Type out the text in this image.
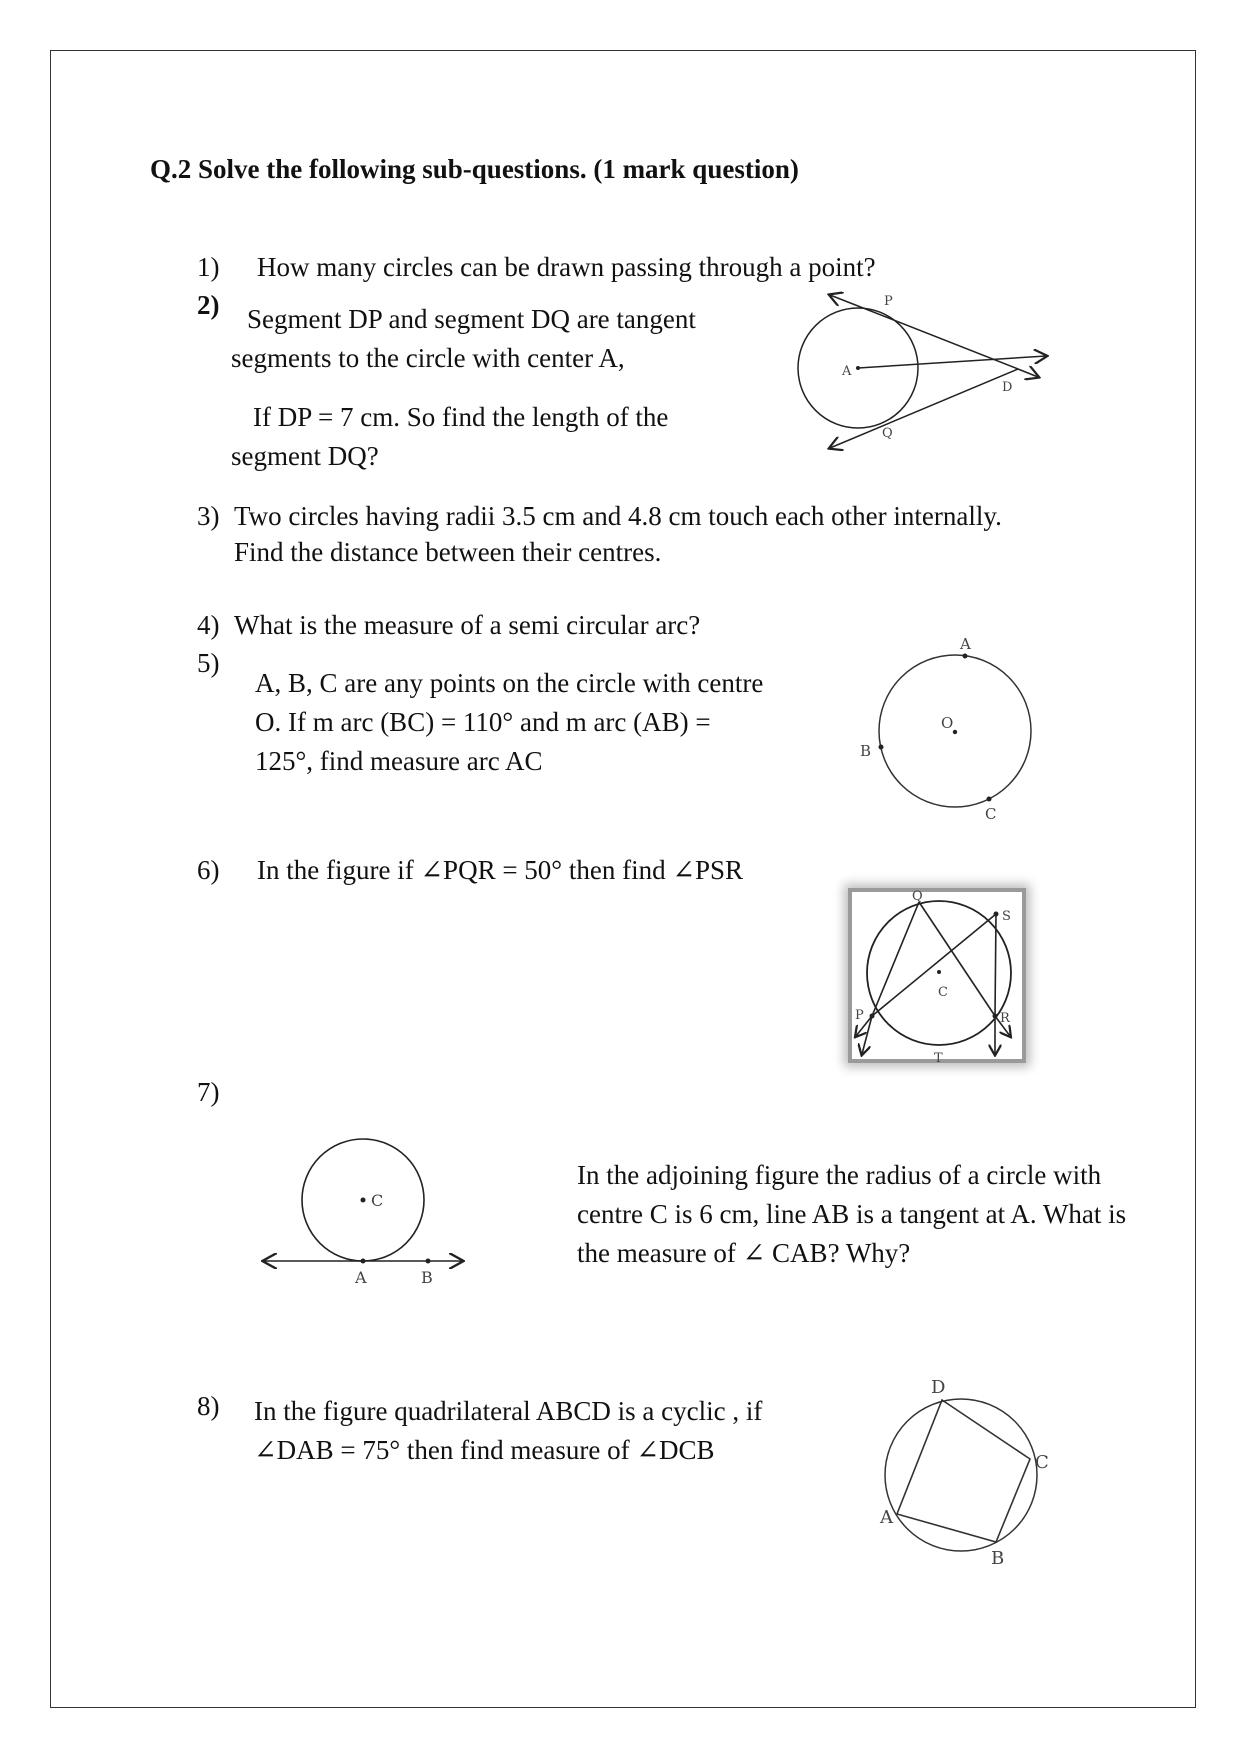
Q.2 Solve the following sub-questions. (1 mark question)
1) How many circles can be drawn passing through a point?
2) Segment DP and segment DQ are tangent
segments to the circle with center A,
If DP = 7 cm. So find the length of the
segment DQ?
P
A
D
Q
3) Two circles having radii 3.5 cm and 4.8 cm touch each other internally.
Find the distance between their centres.
4) What is the measure of a semi circular arc?
5)
A, B, C are any points on the circle with centre
O. If m arc (BC) = 110° and m arc (AB) =
125°, find measure arc AC
A
O
B
C
6) In the figure if ∠PQR = 50° then find ∠PSR
Q
S
C
P	R
T
7)
In the adjoining figure the radius of a circle with
centre C is 6 cm, line AB is a tangent at A. What is
the measure of ∠ CAB? Why?
C
A	B
8) In the figure quadrilateral ABCD is a cyclic , if
∠DAB = 75° then find measure of ∠DCB
D
C
A
B
